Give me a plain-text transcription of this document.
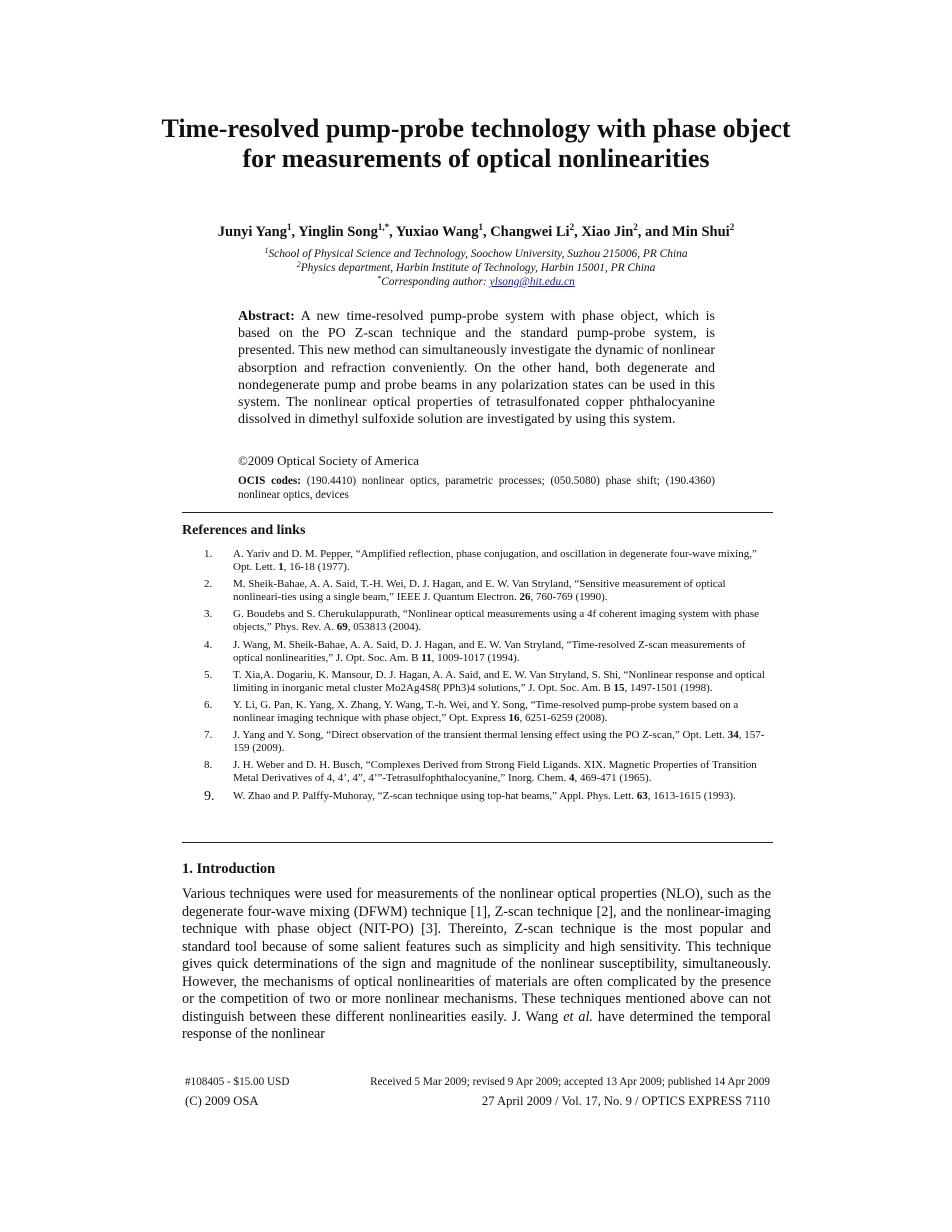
Time-resolved pump-probe technology with phase object for measurements of optical nonlinearities
Junyi Yang$^1$, Yinglin Song$^{1,*}$, Yuxiao Wang$^1$, Changwei Li$^2$, Xiao Jin$^2$, and Min Shui$^2$
$^1$School of Physical Science and Technology, Soochow University, Suzhou 215006, PR China
$^2$Physics department, Harbin Institute of Technology, Harbin 15001, PR China
*Corresponding author: ylsong@hit.edu.cn
Abstract: A new time-resolved pump-probe system with phase object, which is based on the PO Z-scan technique and the standard pump-probe system, is presented. This new method can simultaneously investigate the dynamic of nonlinear absorption and refraction conveniently. On the other hand, both degenerate and nondegenerate pump and probe beams in any polarization states can be used in this system. The nonlinear optical properties of tetrasulfonated copper phthalocyanine dissolved in dimethyl sulfoxide solution are investigated by using this system.
©2009 Optical Society of America
OCIS codes: (190.4410) nonlinear optics, parametric processes; (050.5080) phase shift; (190.4360) nonlinear optics, devices
References and links
1.	A. Yariv and D. M. Pepper, “Amplified reflection, phase conjugation, and oscillation in degenerate four-wave mixing,” Opt. Lett. 1, 16-18 (1977).
2.	M. Sheik-Bahae, A. A. Said, T.-H. Wei, D. J. Hagan, and E. W. Van Stryland, “Sensitive measurement of optical nonlineari-ties using a single beam,” IEEE J. Quantum Electron. 26, 760-769 (1990).
3.	G. Boudebs and S. Cherukulappurath, “Nonlinear optical measurements using a 4f coherent imaging system with phase objects,” Phys. Rev. A. 69, 053813 (2004).
4.	J. Wang, M. Sheik-Bahae, A. A. Said, D. J. Hagan, and E. W. Van Stryland, “Time-resolved Z-scan measurements of optical nonlinearities,” J. Opt. Soc. Am. B 11, 1009-1017 (1994).
5.	T. Xia,A. Dogariu, K. Mansour, D. J. Hagan, A. A. Said, and E. W. Van Stryland, S. Shi, “Nonlinear response and optical limiting in inorganic metal cluster Mo2Ag4S8( PPh3)4 solutions,” J. Opt. Soc. Am. B 15, 1497-1501 (1998).
6.	Y. Li, G. Pan, K. Yang, X. Zhang, Y. Wang, T.-h. Wei, and Y. Song, “Time-resolved pump-probe system based on a nonlinear imaging technique with phase object,” Opt. Express 16, 6251-6259 (2008).
7.	J. Yang and Y. Song, “Direct observation of the transient thermal lensing effect using the PO Z-scan,” Opt. Lett. 34, 157-159 (2009).
8.	J. H. Weber and D. H. Busch, “Complexes Derived from Strong Field Ligands. XIX. Magnetic Properties of Transition Metal Derivatives of 4, 4’, 4”, 4’”-Tetrasulfophthalocyanine,” Inorg. Chem. 4, 469-471 (1965).
9.	W. Zhao and P. Palffy-Muhoray, “Z-scan technique using top-hat beams,” Appl. Phys. Lett. 63, 1613-1615 (1993).
1. Introduction
Various techniques were used for measurements of the nonlinear optical properties (NLO), such as the degenerate four-wave mixing (DFWM) technique [1], Z-scan technique [2], and the nonlinear-imaging technique with phase object (NIT-PO) [3]. Thereinto, Z-scan technique is the most popular and standard tool because of some salient features such as simplicity and high sensitivity. This technique gives quick determinations of the sign and magnitude of the nonlinear susceptibility, simultaneously. However, the mechanisms of optical nonlinearities of materials are often complicated by the presence or the competition of two or more nonlinear mechanisms. These techniques mentioned above can not distinguish between these different nonlinearities easily. J. Wang et al. have determined the temporal response of the nonlinear
#108405 - $15.00 USD	Received 5 Mar 2009; revised 9 Apr 2009; accepted 13 Apr 2009; published 14 Apr 2009
(C) 2009 OSA	27 April 2009 / Vol. 17, No. 9 / OPTICS EXPRESS 7110
